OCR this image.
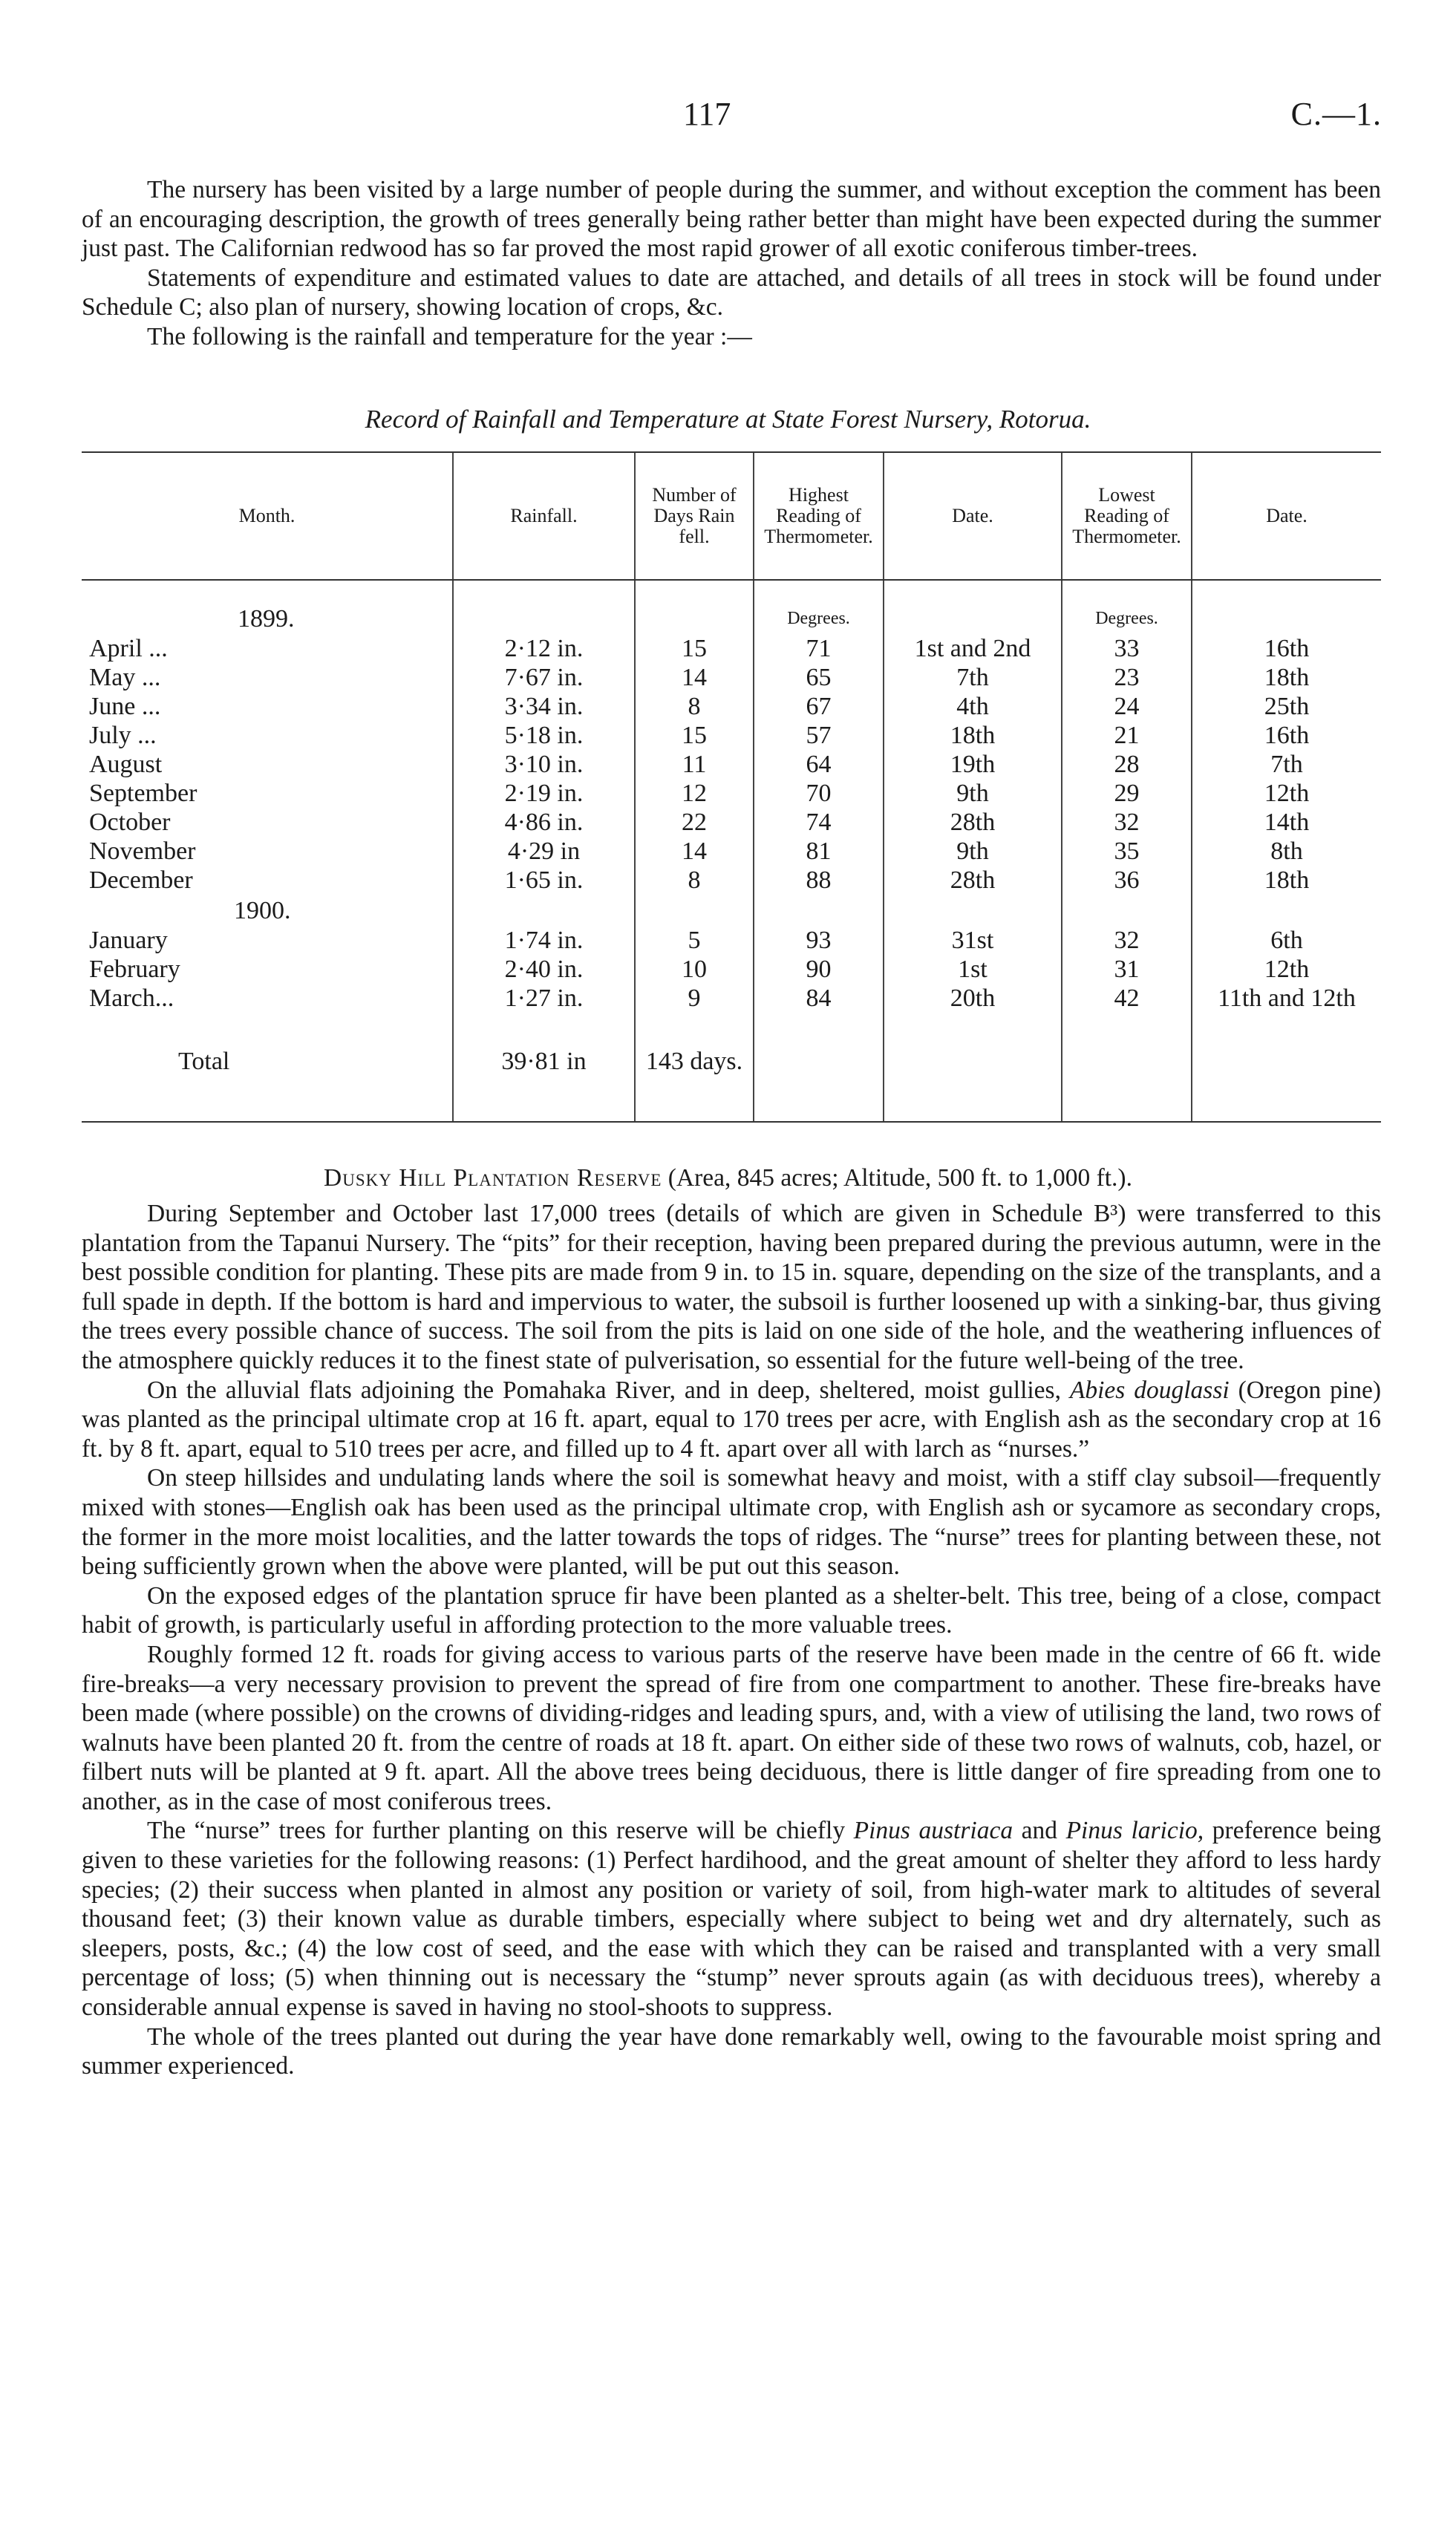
117	C.—1.

The nursery has been visited by a large number of people during the summer, and without exception the comment has been of an encouraging description, the growth of trees generally being rather better than might have been expected during the summer just past. The Californian redwood has so far proved the most rapid grower of all exotic coniferous timber-trees.

Statements of expenditure and estimated values to date are attached, and details of all trees in stock will be found under Schedule C; also plan of nursery, showing location of crops, &c.

The following is the rainfall and temperature for the year :—

Record of Rainfall and Temperature at State Forest Nursery, Rotorua.
Month.	Rainfall.	Number of Days Rain fell.	Highest Reading of Thermometer.	Date.	Lowest Reading of Thermometer.	Date.

1899.			Degrees.		Degrees.	
April ...	2·12 in.	15	71	1st and 2nd	33	16th
May ...	7·67 in.	14	65	7th	23	18th
June ...	3·34 in.	8	67	4th	24	25th
July ...	5·18 in.	15	57	18th	21	16th
August	3·10 in.	11	64	19th	28	7th
September	2·19 in.	12	70	9th	29	12th
October	4·86 in.	22	74	28th	32	14th
November	4·29 in	14	81	9th	35	8th
December	1·65 in.	8	88	28th	36	18th
1900.						
January	1·74 in.	5	93	31st	32	6th
February	2·40 in.	10	90	1st	31	12th
March...	1·27 in.	9	84	20th	42	11th and 12th

Total	39·81 in	143 days.				

Dusky Hill Plantation Reserve (Area, 845 acres; Altitude, 500 ft. to 1,000 ft.).

During September and October last 17,000 trees (details of which are given in Schedule B³) were transferred to this plantation from the Tapanui Nursery. The “pits” for their reception, having been prepared during the previous autumn, were in the best possible condition for planting. These pits are made from 9 in. to 15 in. square, depending on the size of the transplants, and a full spade in depth. If the bottom is hard and impervious to water, the subsoil is further loosened up with a sinking-bar, thus giving the trees every possible chance of success. The soil from the pits is laid on one side of the hole, and the weathering influences of the atmosphere quickly reduces it to the finest state of pulverisation, so essential for the future well-being of the tree.

On the alluvial flats adjoining the Pomahaka River, and in deep, sheltered, moist gullies, Abies douglassi (Oregon pine) was planted as the principal ultimate crop at 16 ft. apart, equal to 170 trees per acre, with English ash as the secondary crop at 16 ft. by 8 ft. apart, equal to 510 trees per acre, and filled up to 4 ft. apart over all with larch as “nurses.”

On steep hillsides and undulating lands where the soil is somewhat heavy and moist, with a stiff clay subsoil—frequently mixed with stones—English oak has been used as the principal ultimate crop, with English ash or sycamore as secondary crops, the former in the more moist localities, and the latter towards the tops of ridges. The “nurse” trees for planting between these, not being sufficiently grown when the above were planted, will be put out this season.

On the exposed edges of the plantation spruce fir have been planted as a shelter-belt. This tree, being of a close, compact habit of growth, is particularly useful in affording protection to the more valuable trees.

Roughly formed 12 ft. roads for giving access to various parts of the reserve have been made in the centre of 66 ft. wide fire-breaks—a very necessary provision to prevent the spread of fire from one compartment to another. These fire-breaks have been made (where possible) on the crowns of dividing-ridges and leading spurs, and, with a view of utilising the land, two rows of walnuts have been planted 20 ft. from the centre of roads at 18 ft. apart. On either side of these two rows of walnuts, cob, hazel, or filbert nuts will be planted at 9 ft. apart. All the above trees being deciduous, there is little danger of fire spreading from one to another, as in the case of most coniferous trees.

The “nurse” trees for further planting on this reserve will be chiefly Pinus austriaca and Pinus laricio, preference being given to these varieties for the following reasons: (1) Perfect hardihood, and the great amount of shelter they afford to less hardy species; (2) their success when planted in almost any position or variety of soil, from high-water mark to altitudes of several thousand feet; (3) their known value as durable timbers, especially where subject to being wet and dry alternately, such as sleepers, posts, &c.; (4) the low cost of seed, and the ease with which they can be raised and transplanted with a very small percentage of loss; (5) when thinning out is necessary the “stump” never sprouts again (as with deciduous trees), whereby a considerable annual expense is saved in having no stool-shoots to suppress.

The whole of the trees planted out during the year have done remarkably well, owing to the favourable moist spring and summer experienced.
